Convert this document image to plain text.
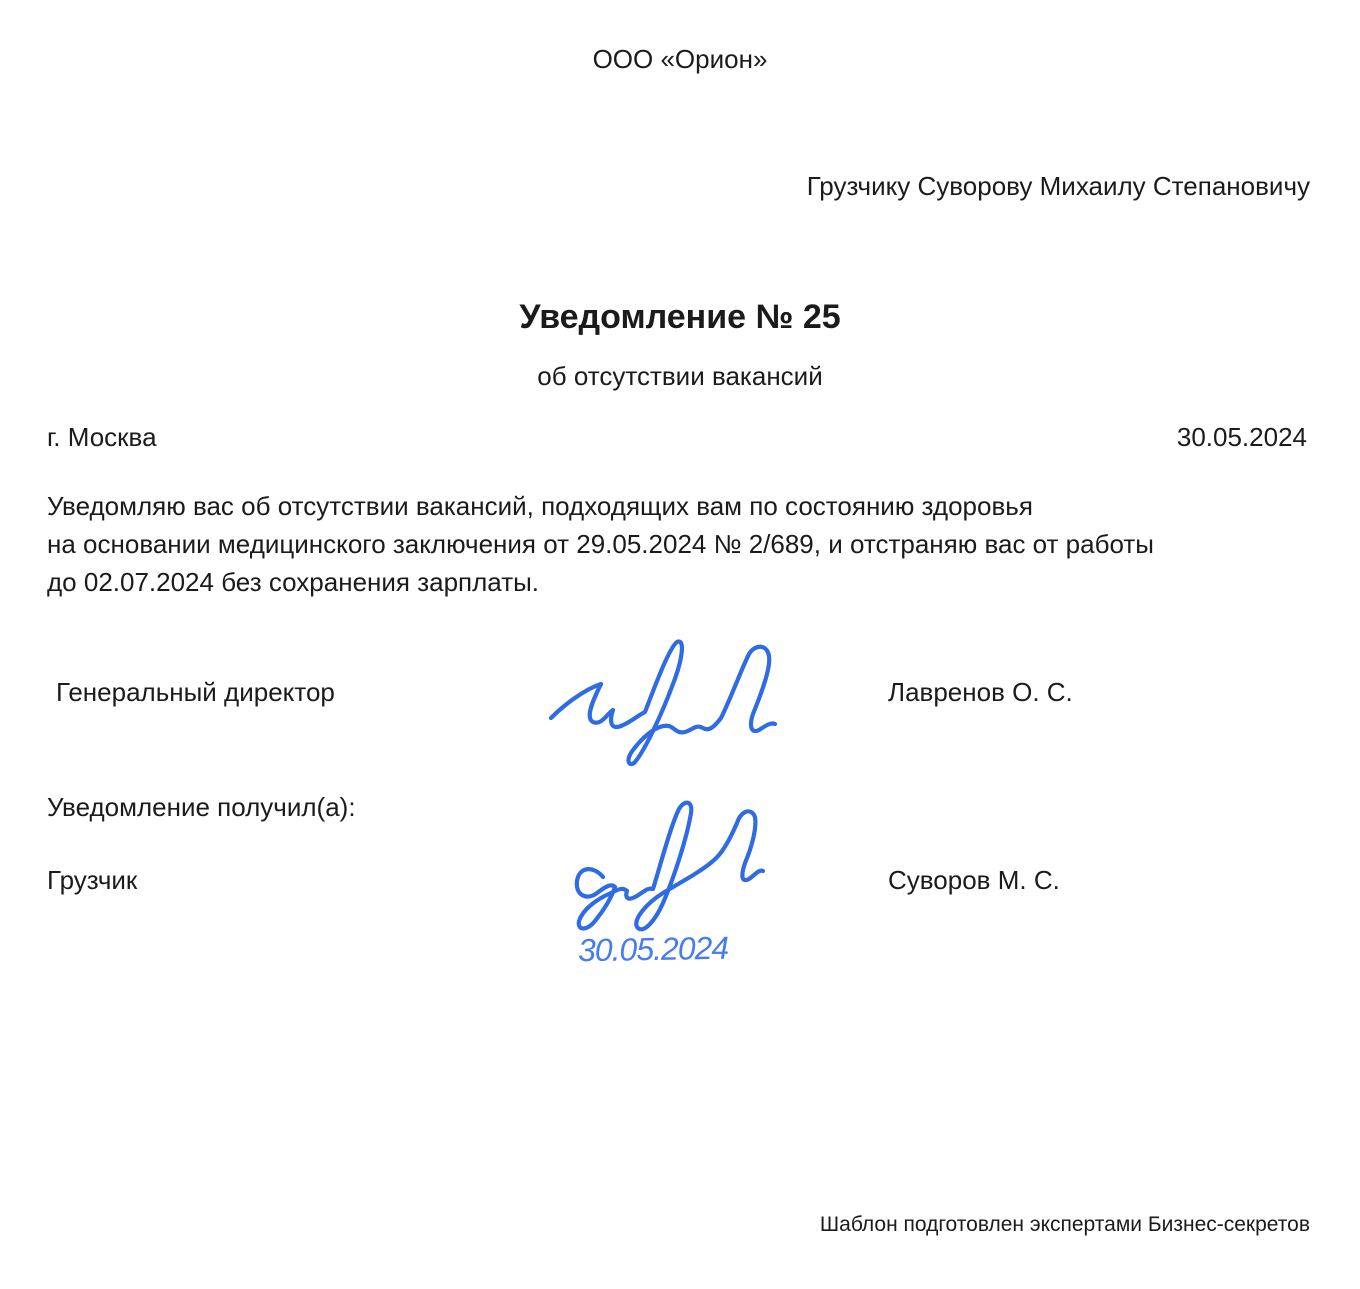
ООО «Орион»
Грузчику Суворову Михаилу Степановичу
Уведомление № 25
об отсутствии вакансий
г. Москва	30.05.2024
Уведомляю вас об отсутствии вакансий, подходящих вам по состоянию здоровья
на основании медицинского заключения от 29.05.2024 № 2/689, и отстраняю вас от работы
до 02.07.2024 без сохранения зарплаты.
Генеральный директор	Лавренов О. С.
Уведомление получил(а):
Грузчик	Суворов М. С.
30.05.2024
Шаблон подготовлен экспертами Бизнес-секретов
